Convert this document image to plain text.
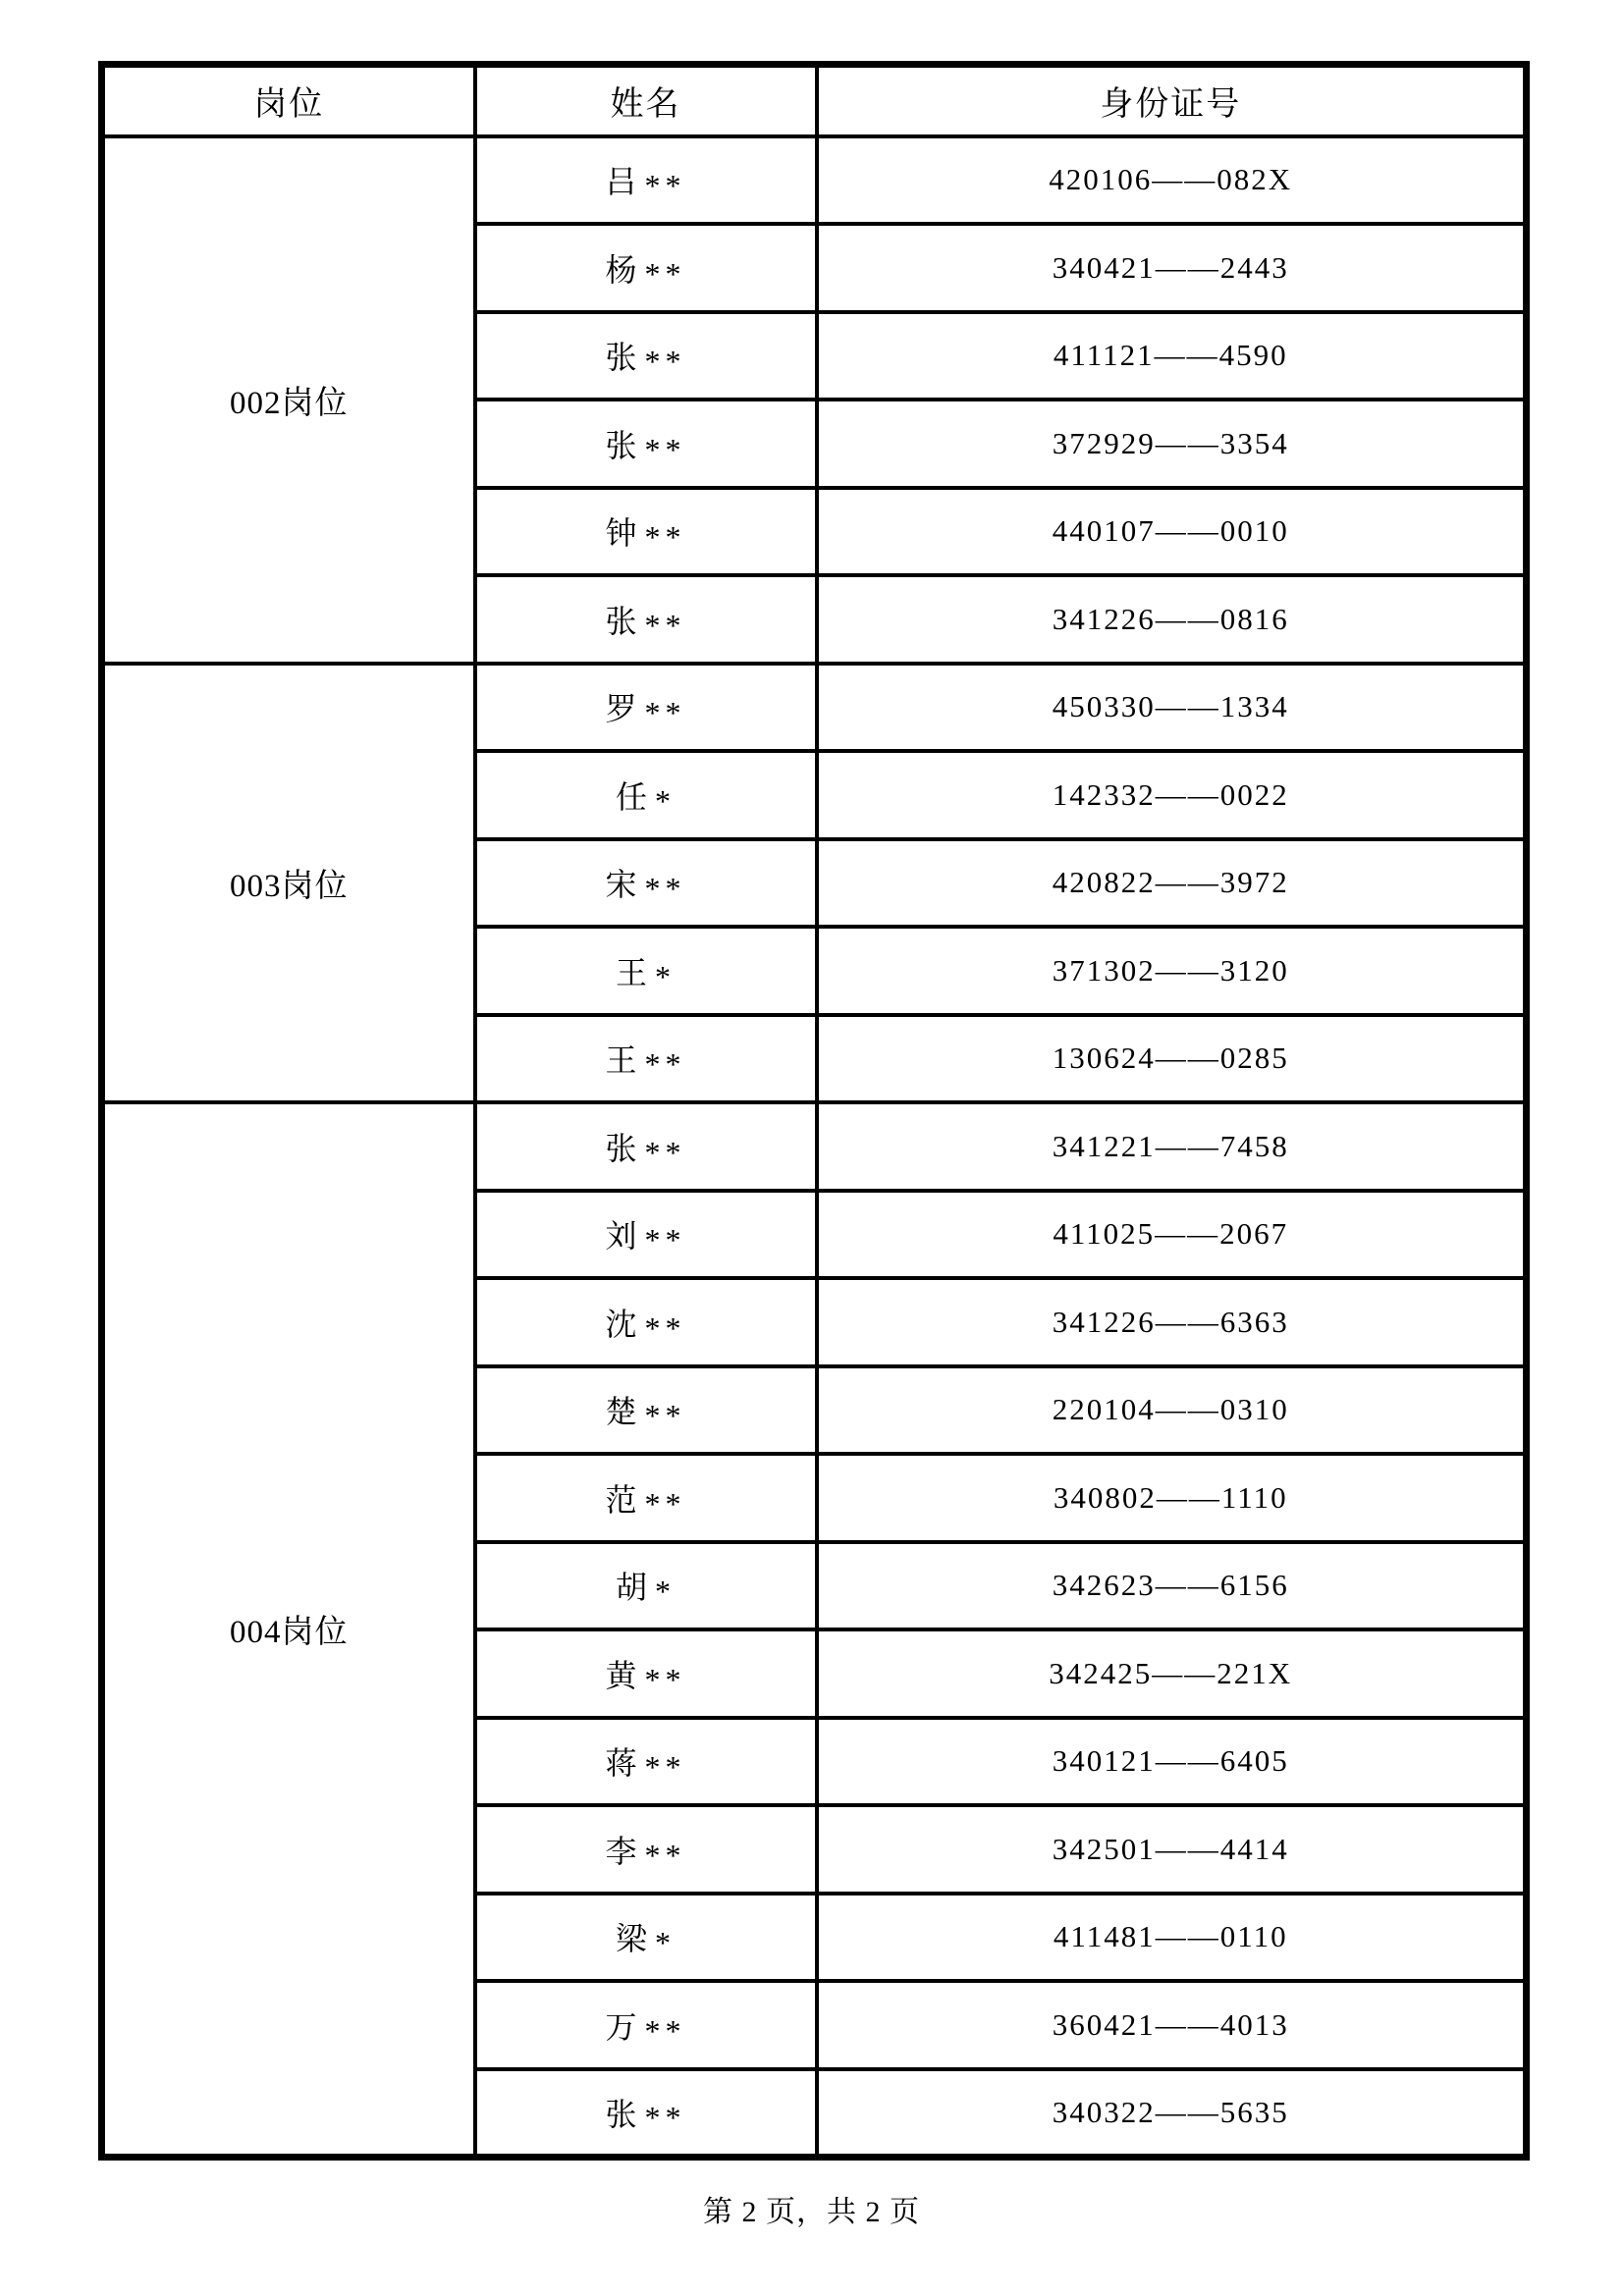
岗位	姓名	身份证号
002岗位	吕 **	420106——082X
	杨 **	340421——2443
	张 **	411121——4590
	张 **	372929——3354
	钟 **	440107——0010
	张 **	341226——0816
003岗位	罗 **	450330——1334
	任 *	142332——0022
	宋 **	420822——3972
	王 *	371302——3120
	王 **	130624——0285
004岗位	张 **	341221——7458
	刘 **	411025——2067
	沈 **	341226——6363
	楚 **	220104——0310
	范 **	340802——1110
	胡 *	342623——6156
	黄 **	342425——221X
	蒋 **	340121——6405
	李 **	342501——4414
	梁 *	411481——0110
	万 **	360421——4013
	张 **	340322——5635
第 2 页，共 2 页
